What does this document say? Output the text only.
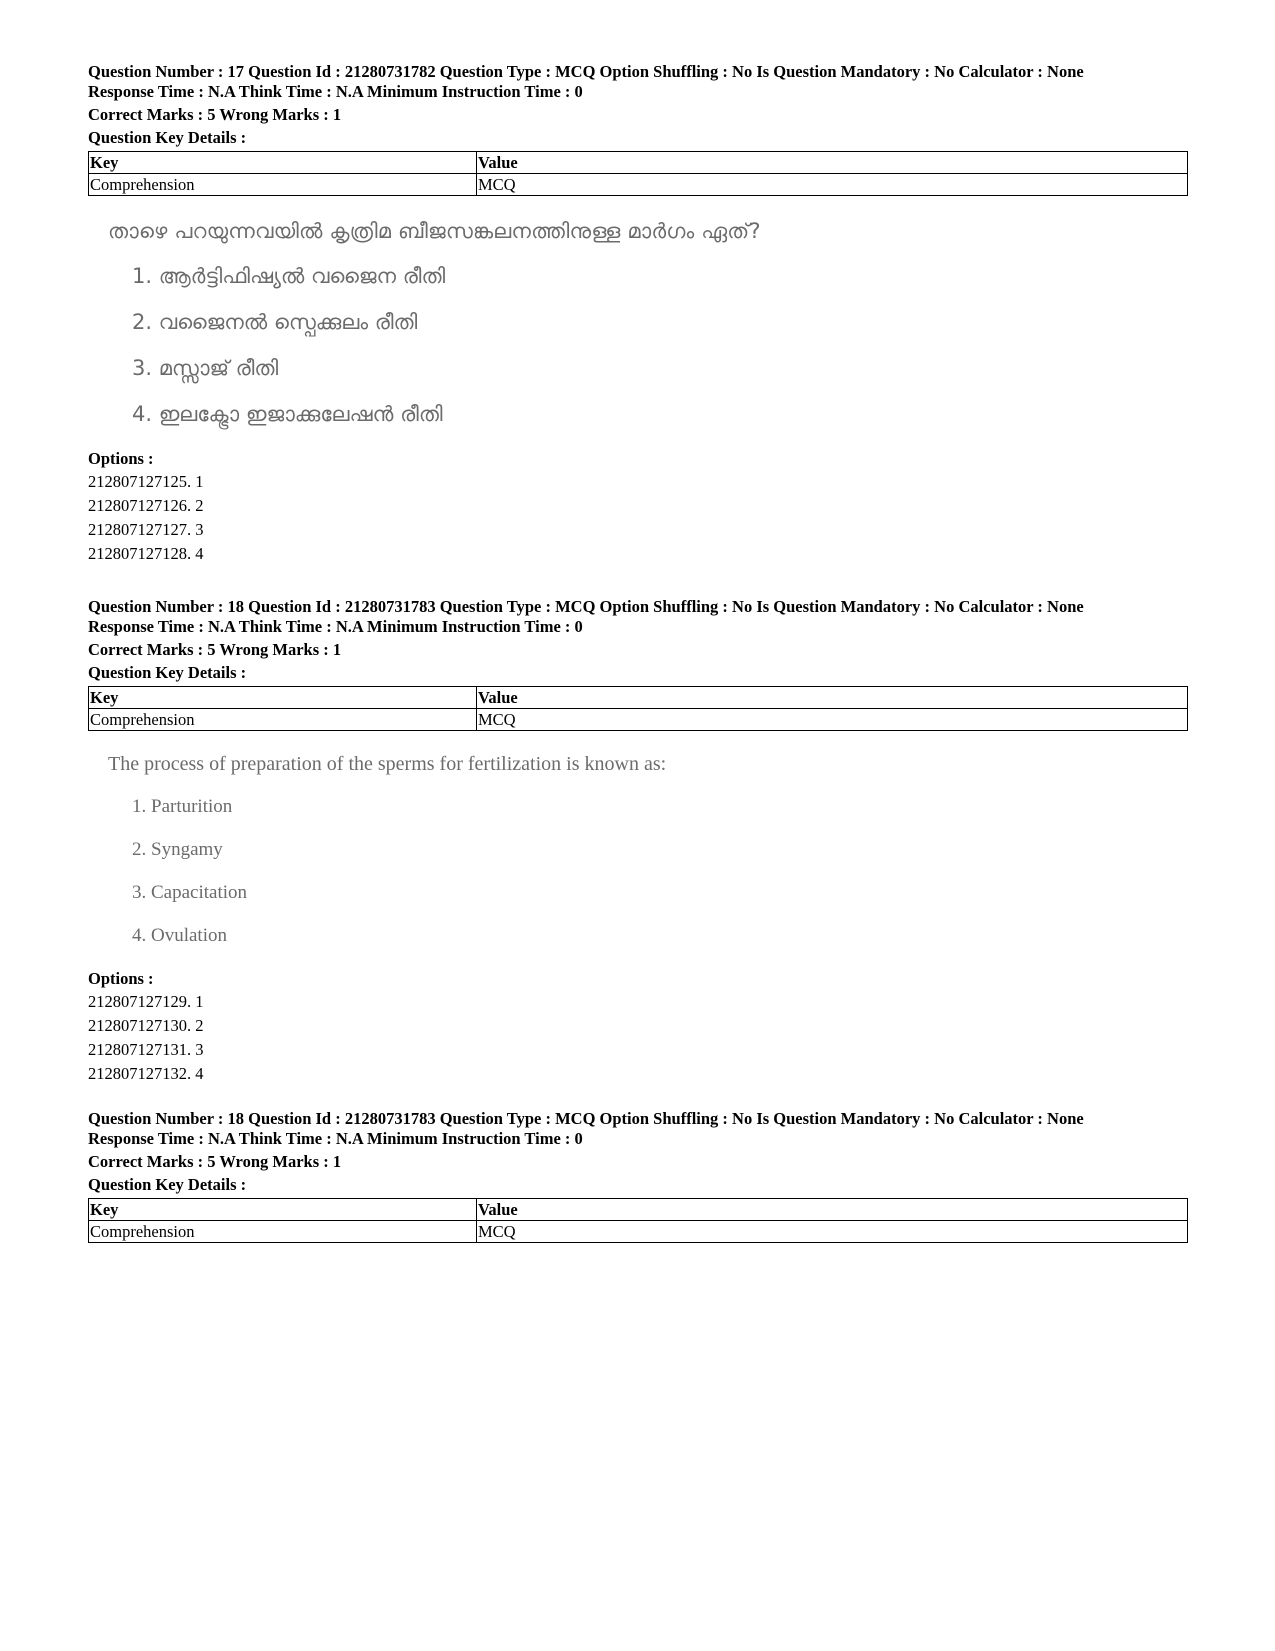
Question Number : 17 Question Id : 21280731782 Question Type : MCQ Option Shuffling : No Is Question Mandatory : No Calculator : None
Response Time : N.A Think Time : N.A Minimum Instruction Time : 0
Correct Marks : 5 Wrong Marks : 1
Question Key Details :
Key	Value
Comprehension	MCQ
താഴെ പറയുന്നവയിൽ കൃത്രിമ ബീജസങ്കലനത്തിനുള്ള മാർഗം ഏത്?
1. ആർട്ടിഫിഷ്യൽ വജൈന രീതി
2. വജൈനൽ സ്പെക്കുലം രീതി
3. മസ്സാജ് രീതി
4. ഇലക്ട്രോ ഇജാക്കുലേഷൻ രീതി
Options :
212807127125. 1
212807127126. 2
212807127127. 3
212807127128. 4
Question Number : 18 Question Id : 21280731783 Question Type : MCQ Option Shuffling : No Is Question Mandatory : No Calculator : None
Response Time : N.A Think Time : N.A Minimum Instruction Time : 0
Correct Marks : 5 Wrong Marks : 1
Question Key Details :
Key	Value
Comprehension	MCQ
The process of preparation of the sperms for fertilization is known as:
1. Parturition
2. Syngamy
3. Capacitation
4. Ovulation
Options :
212807127129. 1
212807127130. 2
212807127131. 3
212807127132. 4
Question Number : 18 Question Id : 21280731783 Question Type : MCQ Option Shuffling : No Is Question Mandatory : No Calculator : None
Response Time : N.A Think Time : N.A Minimum Instruction Time : 0
Correct Marks : 5 Wrong Marks : 1
Question Key Details :
Key	Value
Comprehension	MCQ
